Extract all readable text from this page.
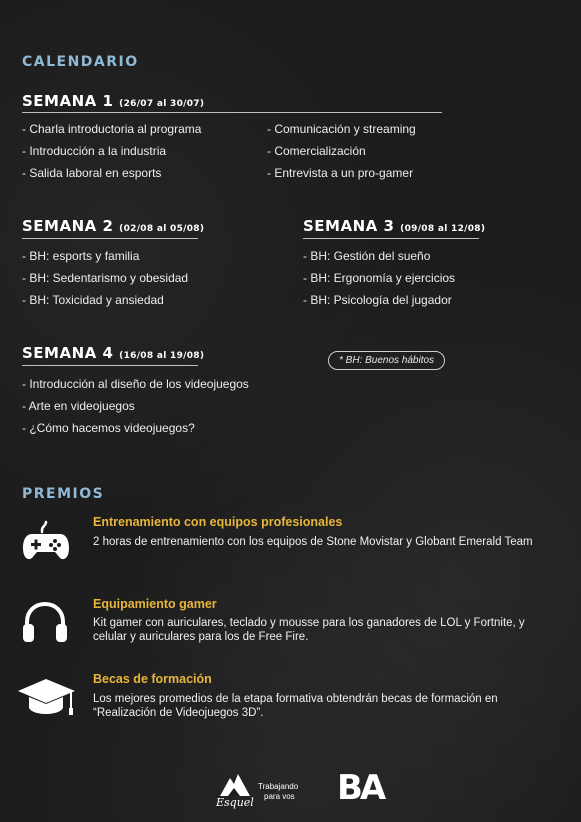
CALENDARIO
SEMANA 1 (26/07 al 30/07)
- Charla introductoria al programa
- Introducción a la industria
- Salida laboral en esports
- Comunicación y streaming
- Comercialización
- Entrevista a un pro-gamer
SEMANA 2 (02/08 al 05/08)
- BH: esports y familia
- BH: Sedentarismo y obesidad
- BH: Toxicidad y ansiedad
SEMANA 3 (09/08 al 12/08)
- BH: Gestión del sueño
- BH: Ergonomía y ejercicios
- BH: Psicología del jugador
SEMANA 4 (16/08 al 19/08)	* BH: Buenos hábitos
- Introducción al diseño de los videojuegos
- Arte en videojuegos
- ¿Cómo hacemos videojuegos?
PREMIOS
Entrenamiento con equipos profesionales
2 horas de entrenamiento con los equipos de Stone Movistar y Globant Emerald Team
Equipamiento gamer
Kit gamer con auriculares, teclado y mousse para los ganadores de LOL y Fortnite, y celular y auriculares para los de Free Fire.
Becas de formación
Los mejores promedios de la etapa formativa obtendrán becas de formación en “Realización de Videojuegos 3D”.
Esquel
Trabajando
para vos BA
